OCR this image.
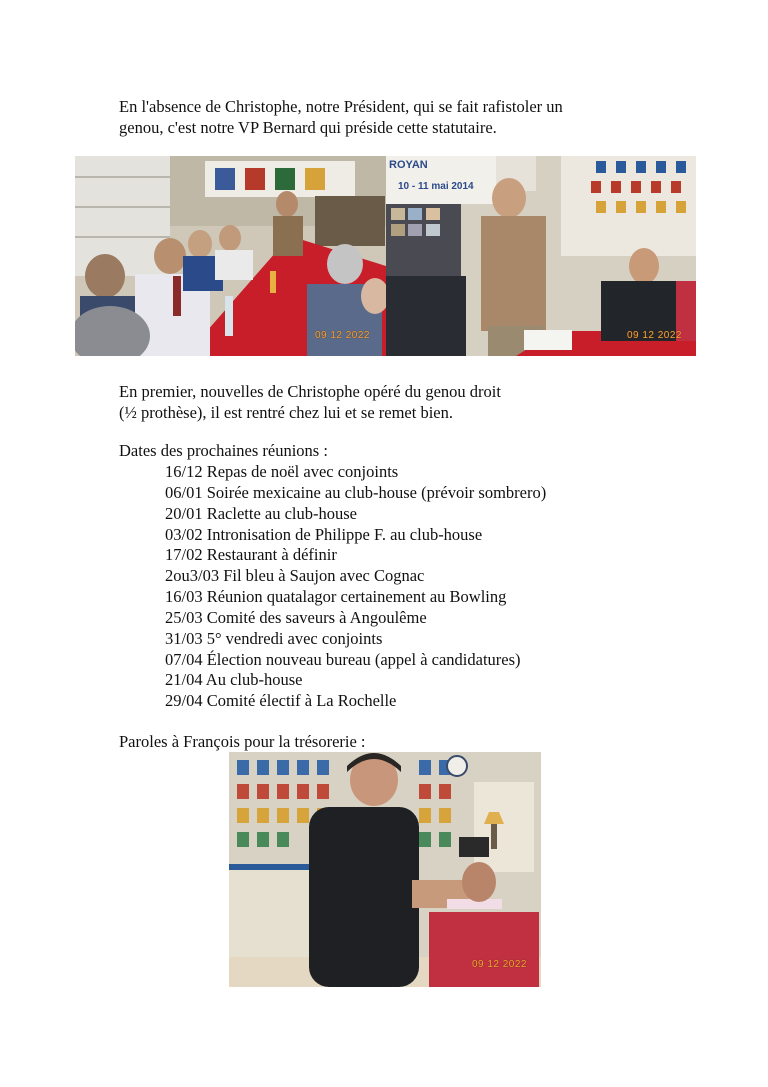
En l'absence de Christophe, notre Président, qui se fait rafistoler un

genou, c'est notre VP Bernard qui préside cette statutaire.

09 12 2022
ROYAN
10 - 11 mai 2014
09 12 2022

En premier, nouvelles de Christophe opéré du genou droit

(½ prothèse), il est rentré chez lui et se remet bien.

Dates des prochaines réunions :

16/12 Repas de noël avec conjoints
06/01 Soirée mexicaine au club-house (prévoir sombrero)
20/01 Raclette au club-house
03/02 Intronisation de Philippe F. au club-house
17/02 Restaurant à définir
2ou3/03 Fil bleu à Saujon avec Cognac
16/03 Réunion quatalagor certainement au Bowling
25/03 Comité des saveurs à Angoulême
31/03 5° vendredi avec conjoints
07/04 Élection nouveau bureau (appel à candidatures)
21/04 Au club-house
29/04 Comité électif à La Rochelle

Paroles à François pour la trésorerie :

09 12 2022
